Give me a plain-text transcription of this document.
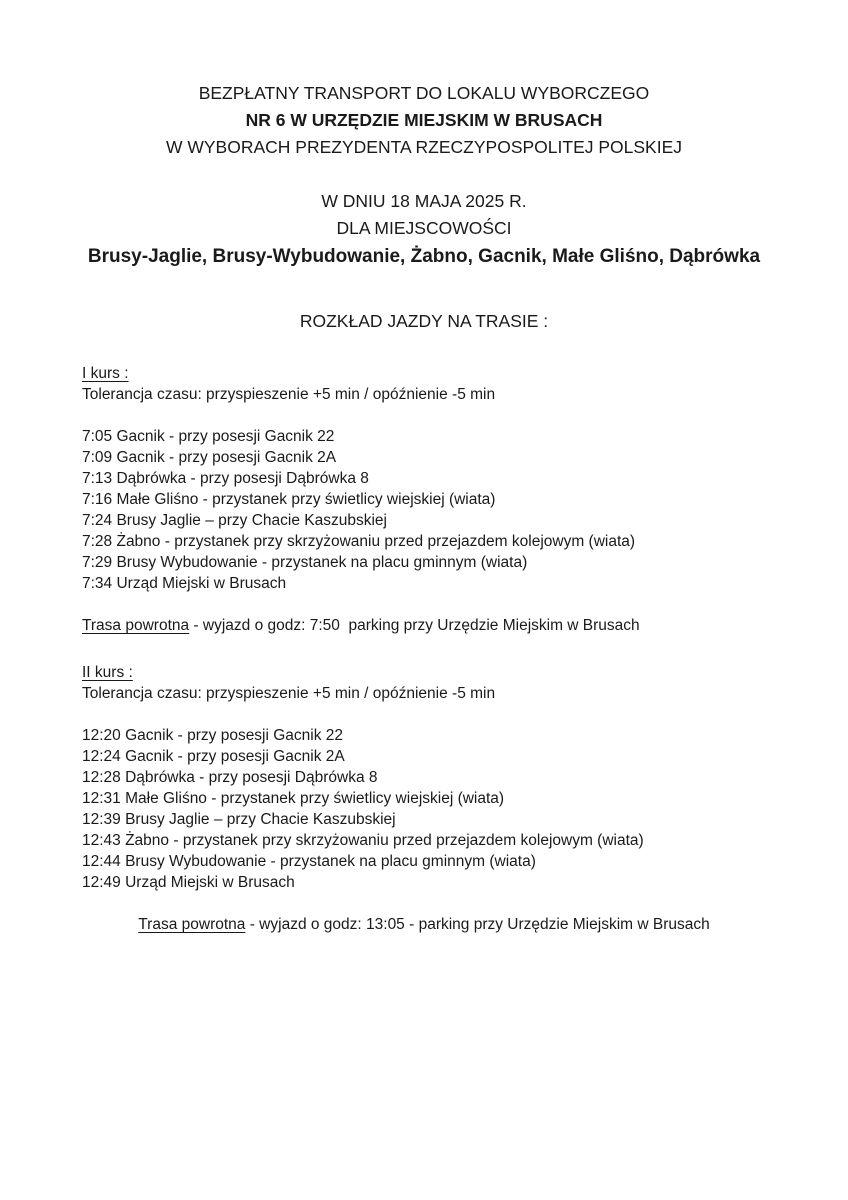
BEZPŁATNY TRANSPORT DO LOKALU WYBORCZEGO

NR 6 W URZĘDZIE MIEJSKIM W BRUSACH

W WYBORACH PREZYDENTA RZECZYPOSPOLITEJ POLSKIEJ

W DNIU 18 MAJA 2025 R.

DLA MIEJSCOWOŚCI

Brusy-Jaglie, Brusy-Wybudowanie, Żabno, Gacnik, Małe Gliśno, Dąbrówka

ROZKŁAD JAZDY NA TRASIE :

I kurs :

Tolerancja czasu: przyspieszenie +5 min / opóźnienie -5 min

7:05 Gacnik - przy posesji Gacnik 22

7:09 Gacnik - przy posesji Gacnik 2A

7:13 Dąbrówka - przy posesji Dąbrówka 8

7:16 Małe Gliśno - przystanek przy świetlicy wiejskiej (wiata)

7:24 Brusy Jaglie – przy Chacie Kaszubskiej

7:28 Żabno - przystanek przy skrzyżowaniu przed przejazdem kolejowym (wiata)

7:29 Brusy Wybudowanie - przystanek na placu gminnym (wiata)

7:34 Urząd Miejski w Brusach

Trasa powrotna - wyjazd o godz: 7:50  parking przy Urzędzie Miejskim w Brusach

II kurs :

Tolerancja czasu: przyspieszenie +5 min / opóźnienie -5 min

12:20 Gacnik - przy posesji Gacnik 22

12:24 Gacnik - przy posesji Gacnik 2A

12:28 Dąbrówka - przy posesji Dąbrówka 8

12:31 Małe Gliśno - przystanek przy świetlicy wiejskiej (wiata)

12:39 Brusy Jaglie – przy Chacie Kaszubskiej

12:43 Żabno - przystanek przy skrzyżowaniu przed przejazdem kolejowym (wiata)

12:44 Brusy Wybudowanie - przystanek na placu gminnym (wiata)

12:49 Urząd Miejski w Brusach

Trasa powrotna - wyjazd o godz: 13:05 - parking przy Urzędzie Miejskim w Brusach
